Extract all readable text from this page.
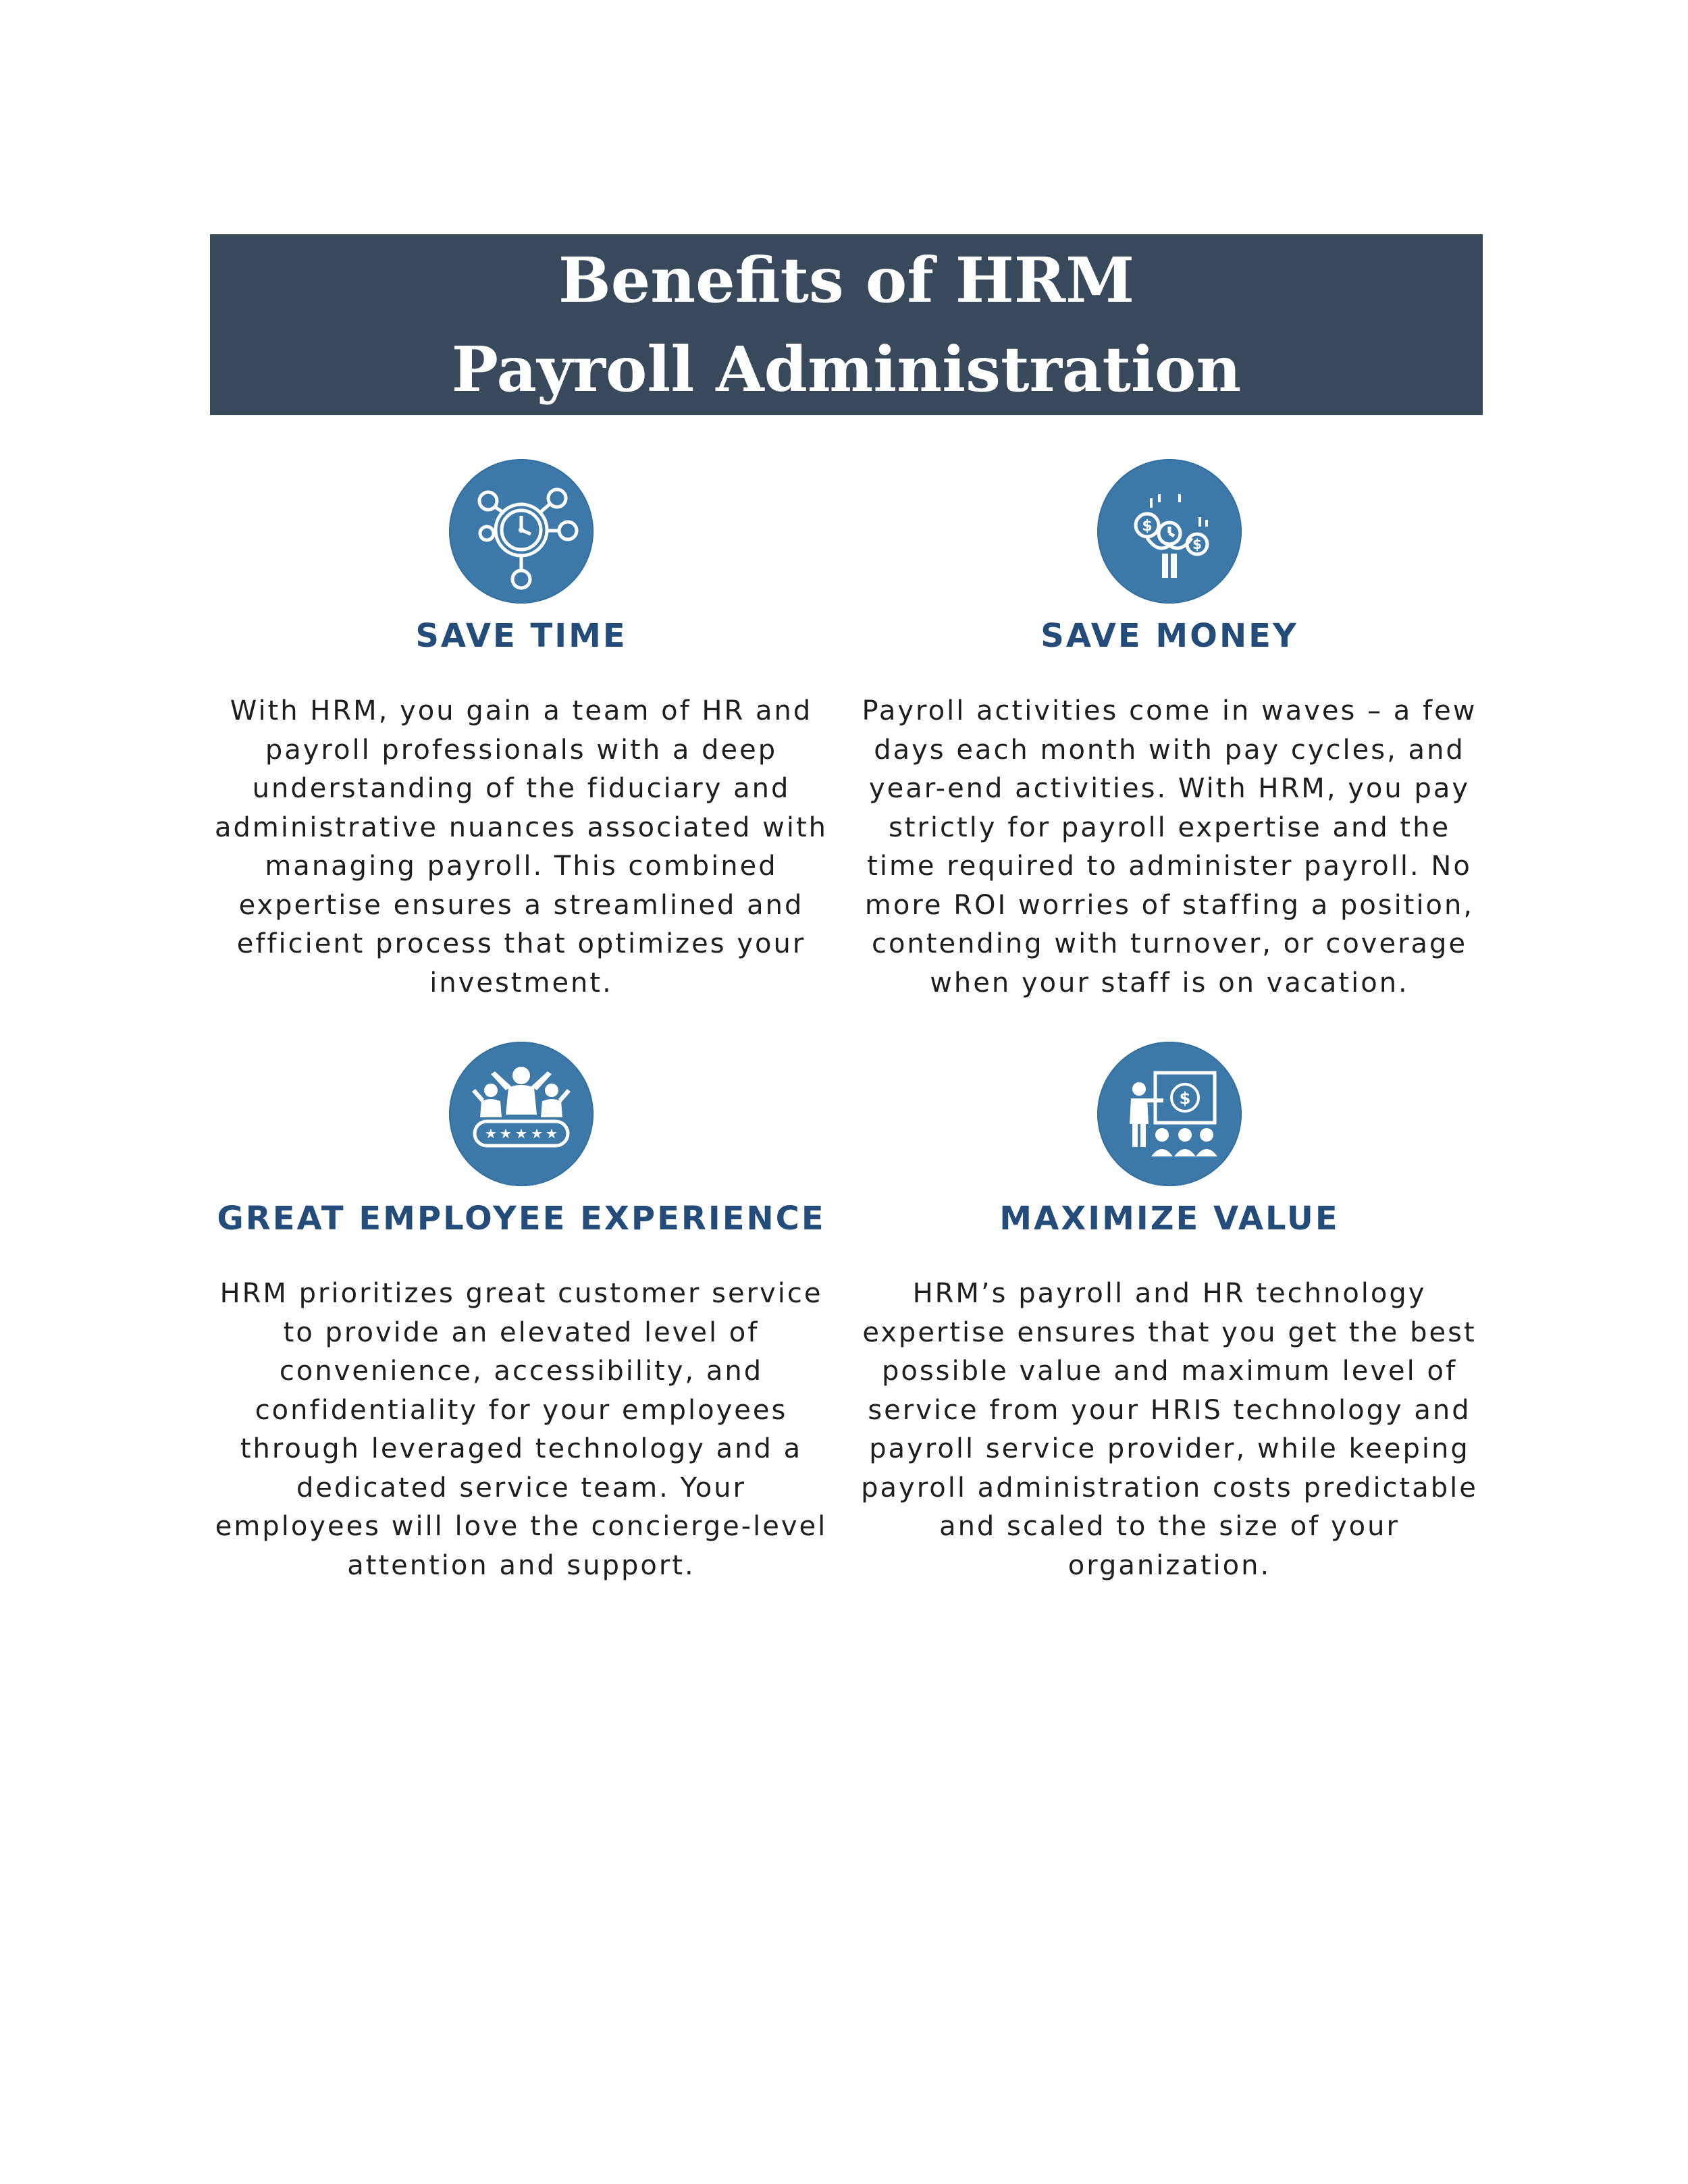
Benefits of HRM
Payroll Administration
SAVE TIME
With HRM, you gain a team of HR and
payroll professionals with a deep
understanding of the fiduciary and
administrative nuances associated with
managing payroll. This combined
expertise ensures a streamlined and
efficient process that optimizes your
investment.
$
$
SAVE MONEY
Payroll activities come in waves – a few
days each month with pay cycles, and
year-end activities. With HRM, you pay
strictly for payroll expertise and the
time required to administer payroll. No
more ROI worries of staffing a position,
contending with turnover, or coverage
when your staff is on vacation.
★ ★ ★ ★ ★
GREAT EMPLOYEE EXPERIENCE
HRM prioritizes great customer service
to provide an elevated level of
convenience, accessibility, and
confidentiality for your employees
through leveraged technology and a
dedicated service team. Your
employees will love the concierge-level
attention and support.
$
MAXIMIZE VALUE
HRM’s payroll and HR technology
expertise ensures that you get the best
possible value and maximum level of
service from your HRIS technology and
payroll service provider, while keeping
payroll administration costs predictable
and scaled to the size of your
organization.
